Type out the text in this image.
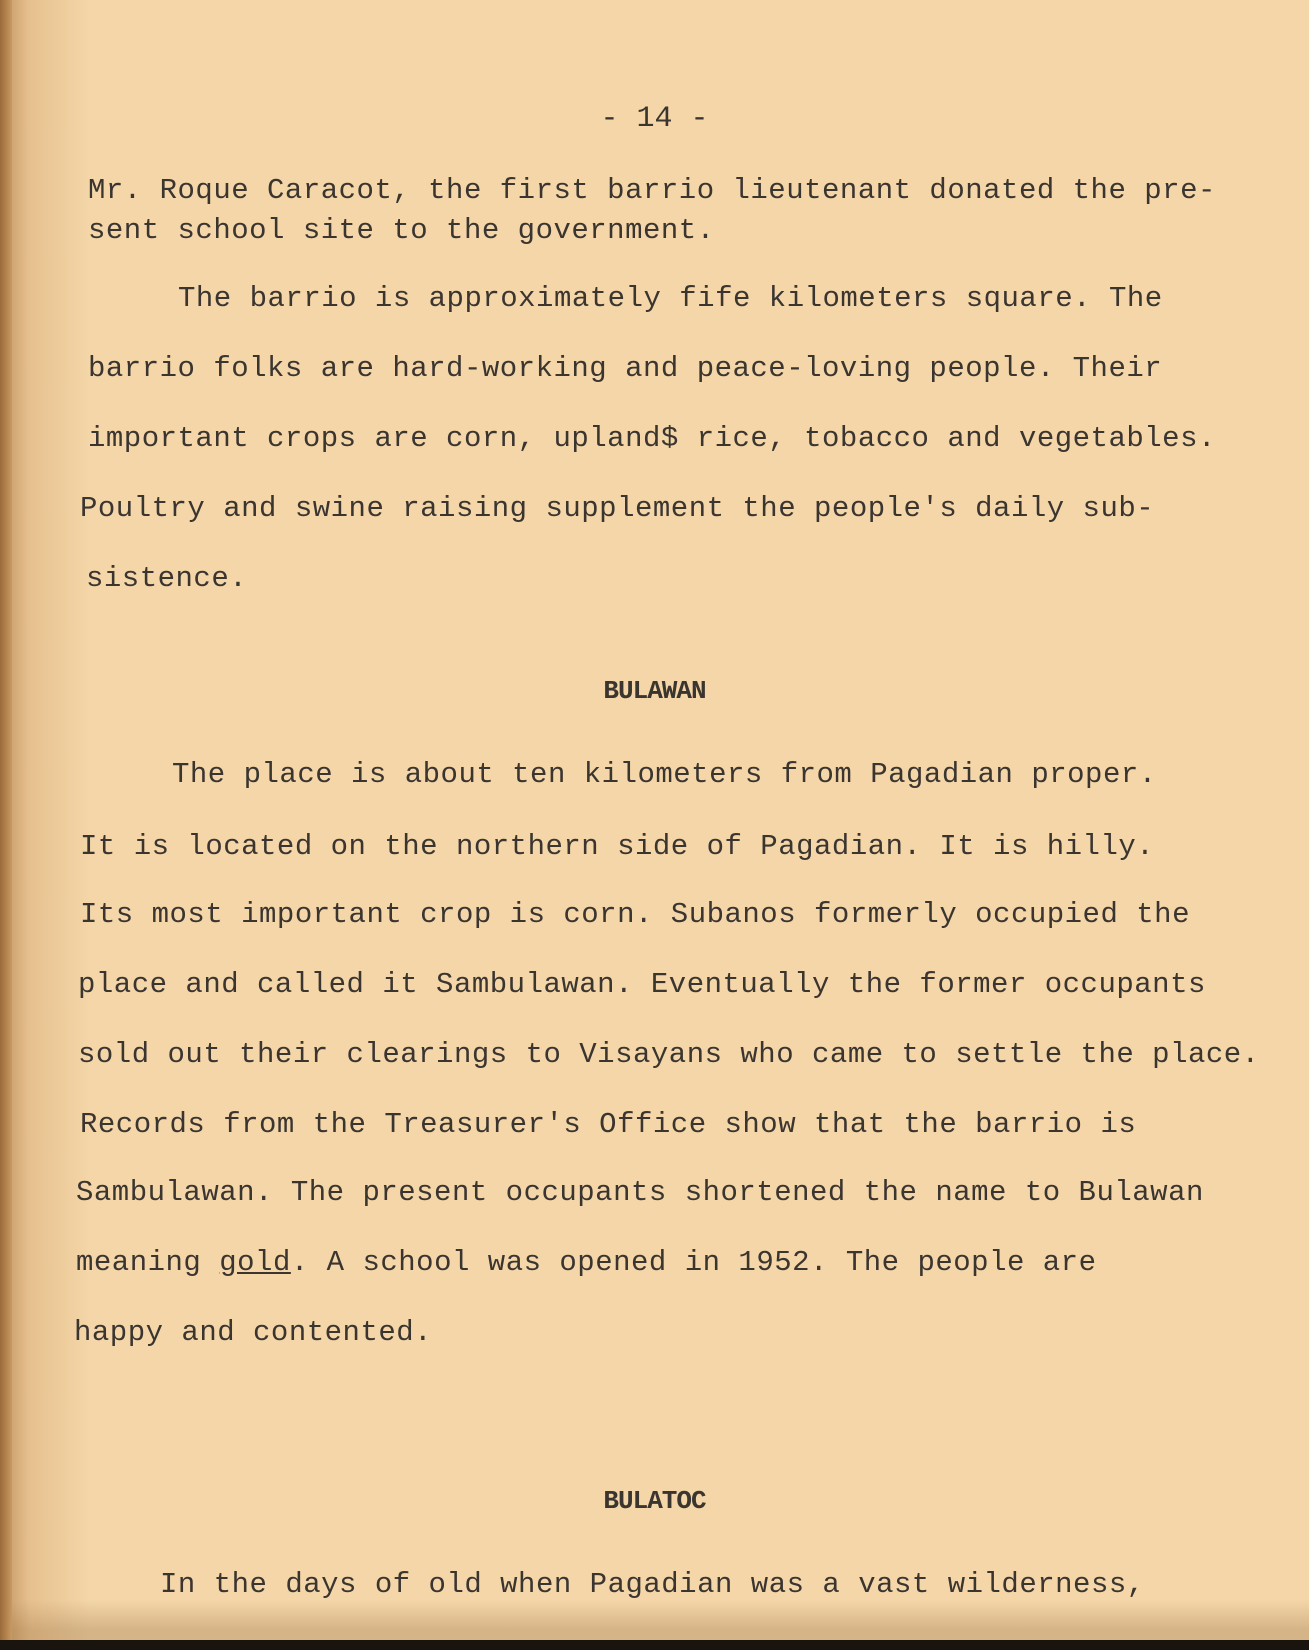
- 14 -
Mr. Roque Caracot, the first barrio lieutenant donated the pre-
sent school site to the government.
The barrio is approximately fife kilometers square. The
barrio folks are hard-working and peace-loving people. Their
important crops are corn, upland$ rice, tobacco and vegetables.
Poultry and swine raising supplement the people's daily sub-
sistence.
BULAWAN
The place is about ten kilometers from Pagadian proper.
It is located on the northern side of Pagadian. It is hilly.
Its most important crop is corn. Subanos formerly occupied the
place and called it Sambulawan. Eventually the former occupants
sold out their clearings to Visayans who came to settle the place.
Records from the Treasurer's Office show that the barrio is
Sambulawan. The present occupants shortened the name to Bulawan
meaning gold. A school was opened in 1952. The people are
happy and contented.
BULATOC
In the days of old when Pagadian was a vast wilderness,
